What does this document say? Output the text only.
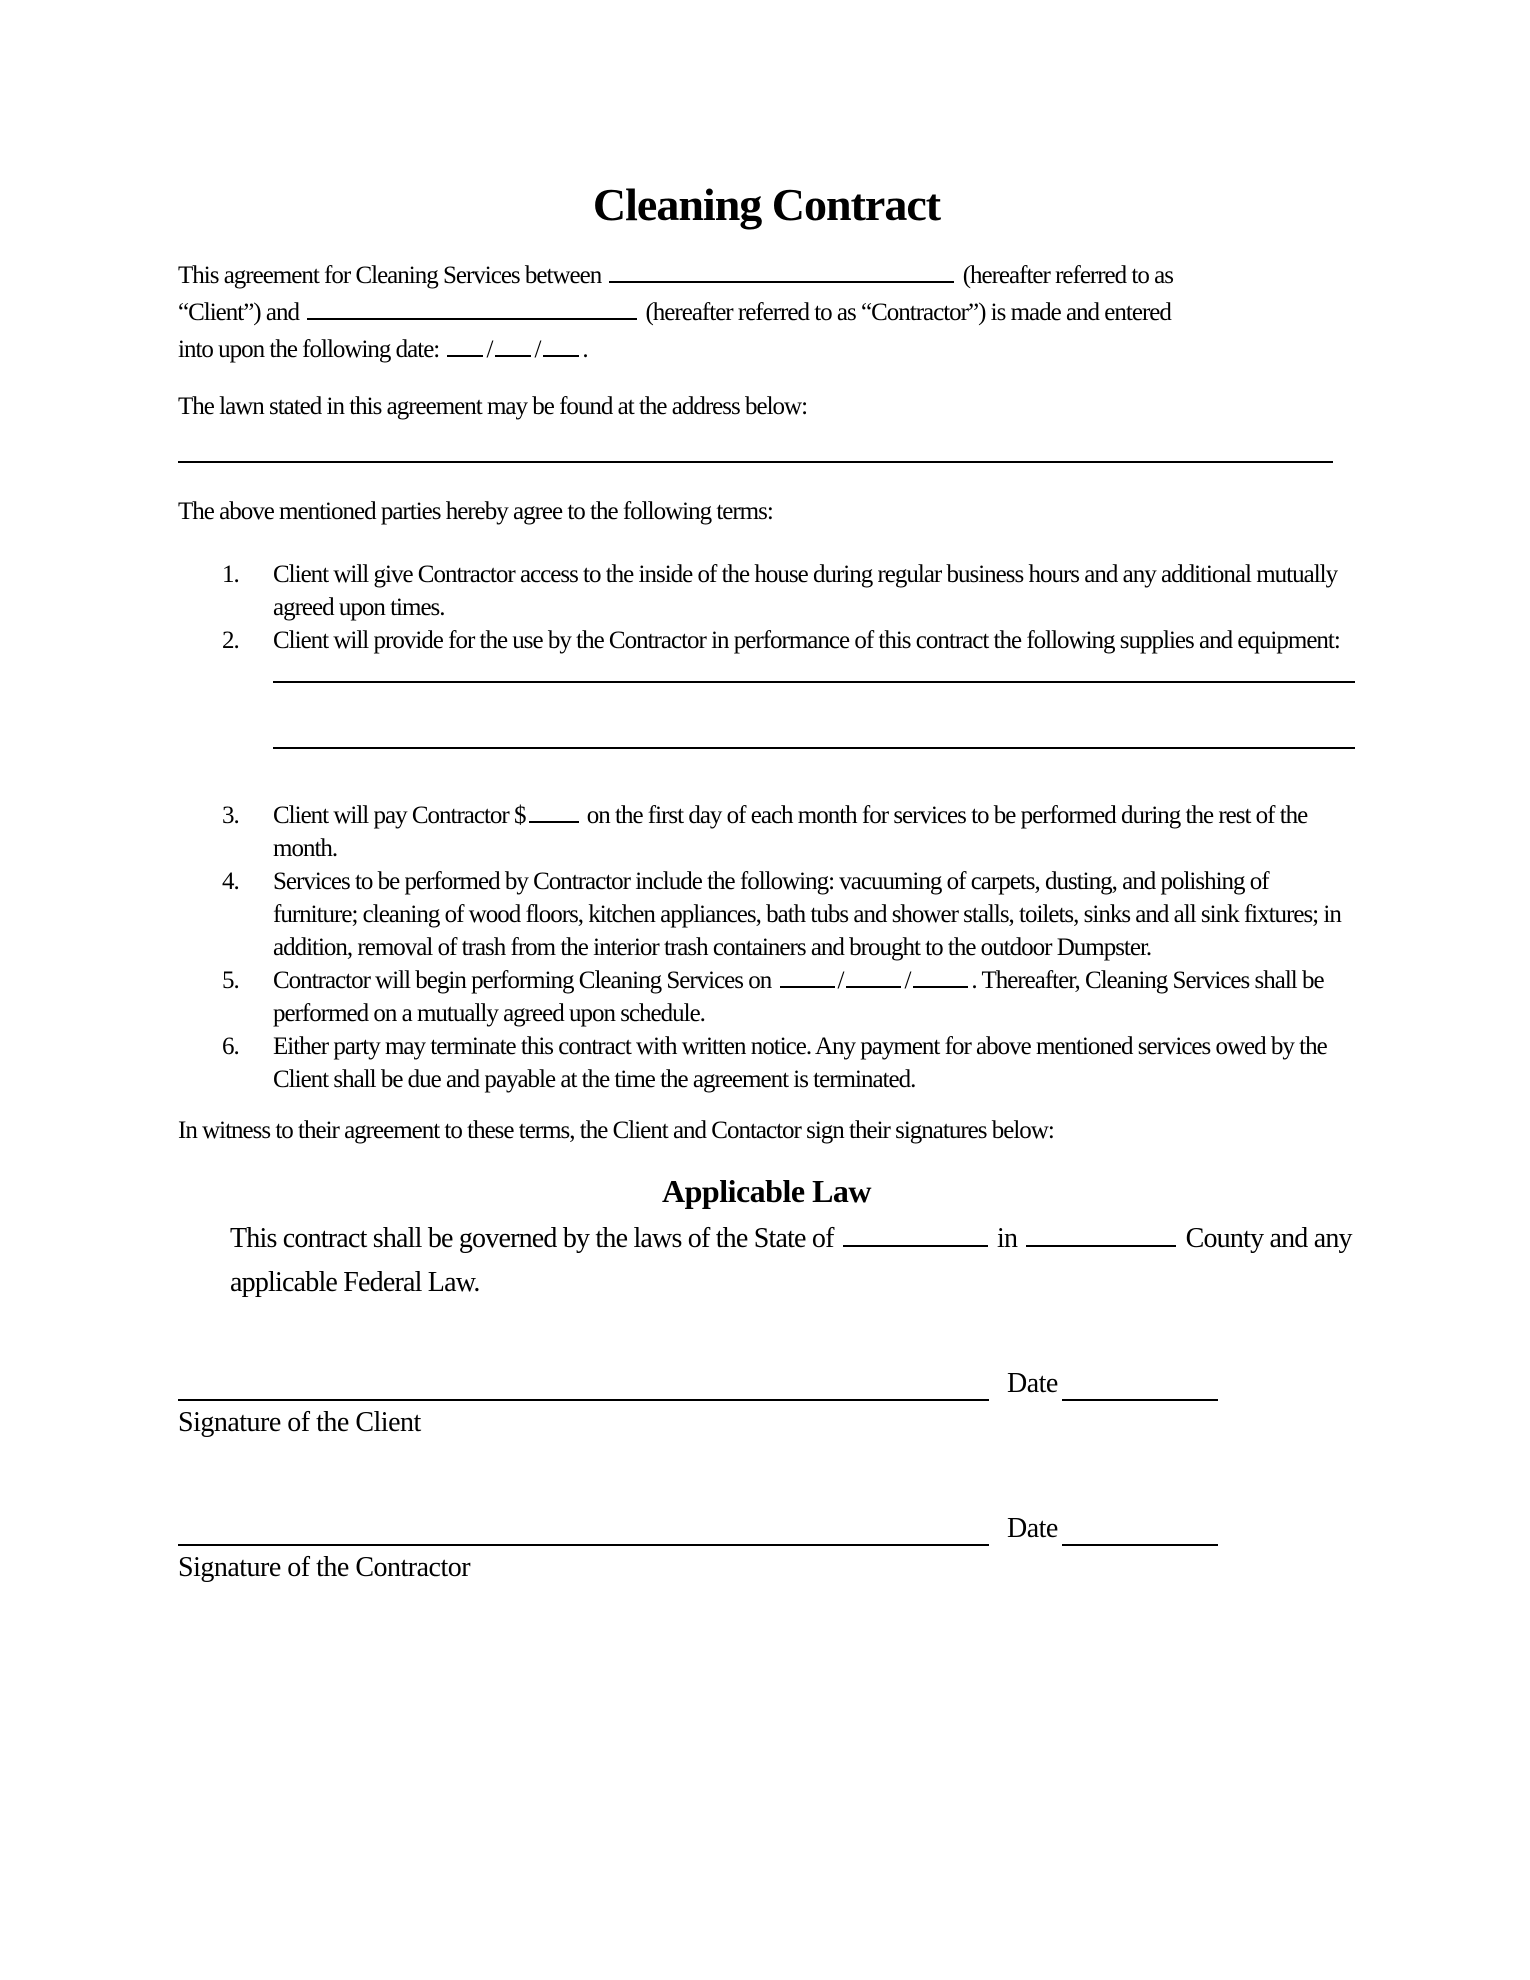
Cleaning Contract
This agreement for Cleaning Services between	(hereafter referred to as
“Client”) and	(hereafter referred to as “Contractor”) is made and entered
into upon the following date: / / .

The lawn stated in this agreement may be found at the address below:

The above mentioned parties hereby agree to the following terms:

1.	Client will give Contractor access to the inside of the house during regular business hours and any additional mutually agreed upon times.
2.	Client will provide for the use by the Contractor in performance of this contract the following supplies and equipment:
3.	Client will pay Contractor $ on the first day of each month for services to be performed during the rest of the month.
4.	Services to be performed by Contractor include the following: vacuuming of carpets, dusting, and polishing of furniture; cleaning of wood floors, kitchen appliances, bath tubs and shower stalls, toilets, sinks and all sink fixtures; in addition, removal of trash from the interior trash containers and brought to the outdoor Dumpster.
5.	Contractor will begin performing Cleaning Services on	/ / . Thereafter, Cleaning Services shall be performed on a mutually agreed upon schedule.
6.	Either party may terminate this contract with written notice. Any payment for above mentioned services owed by the Client shall be due and payable at the time the agreement is terminated.

In witness to their agreement to these terms, the Client and Contactor sign their signatures below:

Applicable Law
This contract shall be governed by the laws of the State of	in	County and any applicable Federal Law.
Date
Signature of the Client
Date
Signature of the Contractor
